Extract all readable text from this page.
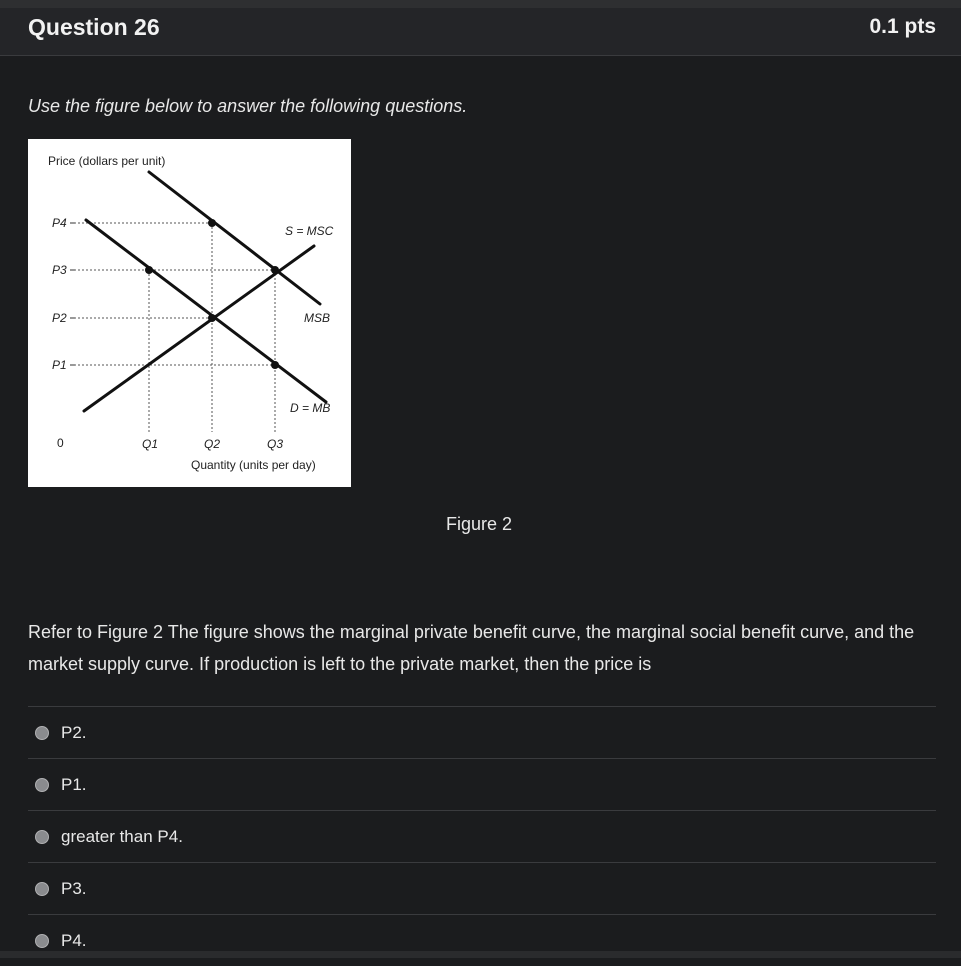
Question 26	0.1 pts
Use the figure below to answer the following questions.
Price (dollars per unit)
P4
P3
P2
P1
0	Q1	Q2	Q3
Quantity (units per day)
S = MSC
MSB
D = MB
Figure 2
Refer to Figure 2 The figure shows the marginal private benefit curve, the marginal social benefit curve, and the market supply curve. If production is left to the private market, then the price is
P2.
P1.
greater than P4.
P3.
P4.
